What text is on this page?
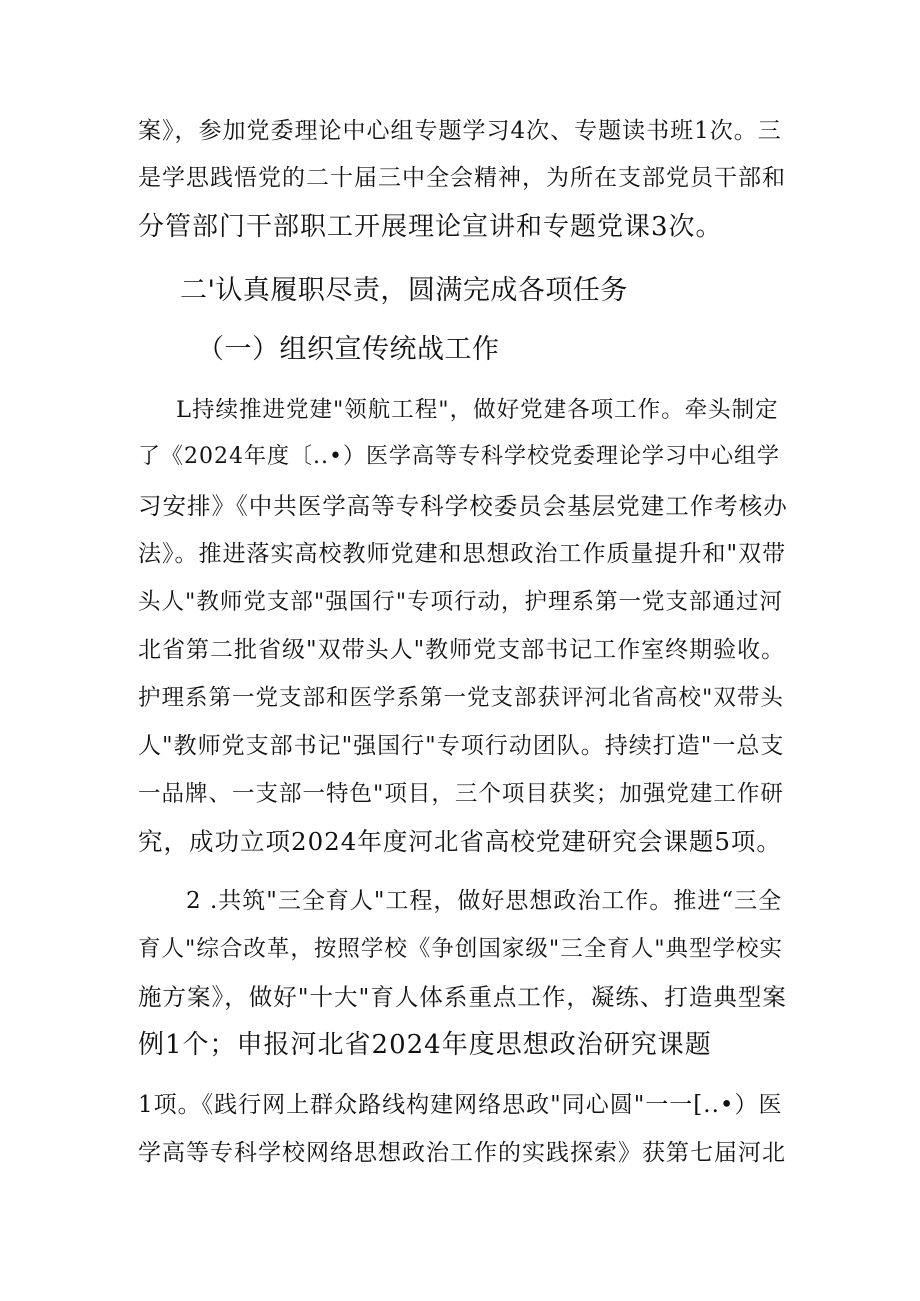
案》，参加党委理论中心组专题学习4次、专题读书班1次。三
是学思践悟党的二十届三中全会精神，为所在支部党员干部和
分管部门干部职工开展理论宣讲和专题党课3次。
二'认真履职尽责，圆满完成各项任务
（一）组织宣传统战工作
L持续推进党建"领航工程"，做好党建各项工作。牵头制定
了《2024年度〔..•）医学高等专科学校党委理论学习中心组学
习安排》《中共医学高等专科学校委员会基层党建工作考核办
法》。推进落实高校教师党建和思想政治工作质量提升和"双带
头人"教师党支部"强国行"专项行动，护理系第一党支部通过河
北省第二批省级"双带头人"教师党支部书记工作室终期验收。
护理系第一党支部和医学系第一党支部获评河北省高校"双带头
人"教师党支部书记"强国行"专项行动团队。持续打造"一总支
一品牌、一支部一特色"项目，三个项目获奖；加强党建工作研
究，成功立项2024年度河北省高校党建研究会课题5项。
2 .共筑"三全育人"工程，做好思想政治工作。推进“三全
育人"综合改革，按照学校《争创国家级"三全育人"典型学校实
施方案》，做好"十大"育人体系重点工作，凝练、打造典型案
例1个；申报河北省2024年度思想政治研究课题
1项。《践行网上群众路线构建网络思政"同心圆"一一[..•）医
学高等专科学校网络思想政治工作的实践探索》获第七届河北
